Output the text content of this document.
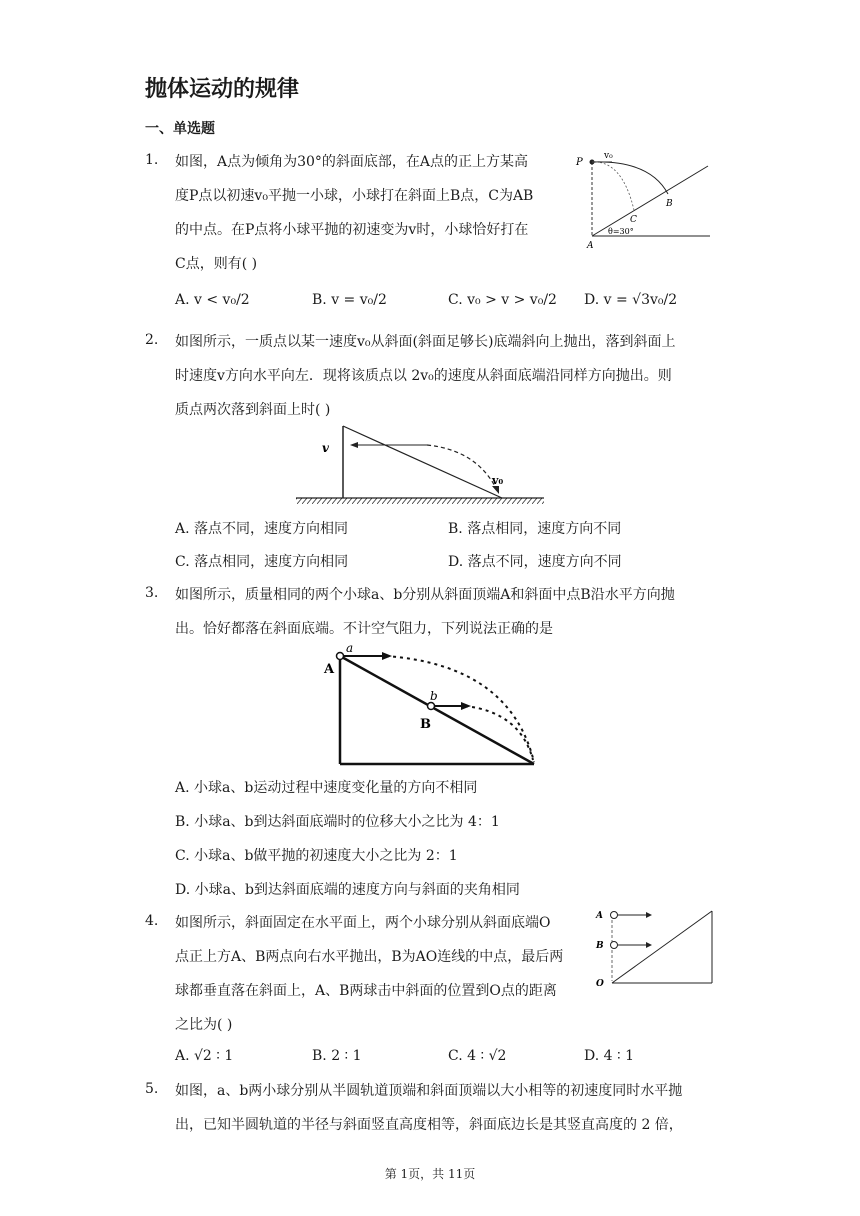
抛体运动的规律
一、单选题
1.	如图，A点为倾角为30°的斜面底部，在A点的正上方某高
度P点以初速v₀平抛一小球，小球打在斜面上B点，C为AB
的中点。在P点将小球平抛的初速变为v时，小球恰好打在
C点，则有( )
A. v < v₀/2	B. v = v₀/2	C. v₀ > v > v₀/2 D. v = √3v₀/2
P
v₀
B
C
A
θ=30°
2.	如图所示，一质点以某一速度v₀从斜面(斜面足够长)底端斜向上抛出，落到斜面上
时速度v方向水平向左．现将该质点以 2v₀的速度从斜面底端沿同样方向抛出。则
质点两次落到斜面上时( )
v
v₀
A. 落点不同，速度方向相同	B. 落点相同，速度方向不同
C. 落点相同，速度方向相同	D. 落点不同，速度方向不同
3.	如图所示，质量相同的两个小球a、b分别从斜面顶端A和斜面中点B沿水平方向抛
出。恰好都落在斜面底端。不计空气阻力，下列说法正确的是
a
b
A
B
A. 小球a、b运动过程中速度变化量的方向不相同
B. 小球a、b到达斜面底端时的位移大小之比为 4：1
C. 小球a、b做平抛的初速度大小之比为 2：1
D. 小球a、b到达斜面底端的速度方向与斜面的夹角相同
4.	如图所示，斜面固定在水平面上，两个小球分别从斜面底端O
点正上方A、B两点向右水平抛出，B为AO连线的中点，最后两
球都垂直落在斜面上，A、B两球击中斜面的位置到O点的距离
之比为( )
A
B
O
A. √2 ∶ 1	B. 2 ∶ 1	C. 4 ∶ √2	D. 4 ∶ 1
5.	如图，a、b两小球分别从半圆轨道顶端和斜面顶端以大小相等的初速度同时水平抛
出，已知半圆轨道的半径与斜面竖直高度相等，斜面底边长是其竖直高度的 2 倍，
第 1页，共 11页
